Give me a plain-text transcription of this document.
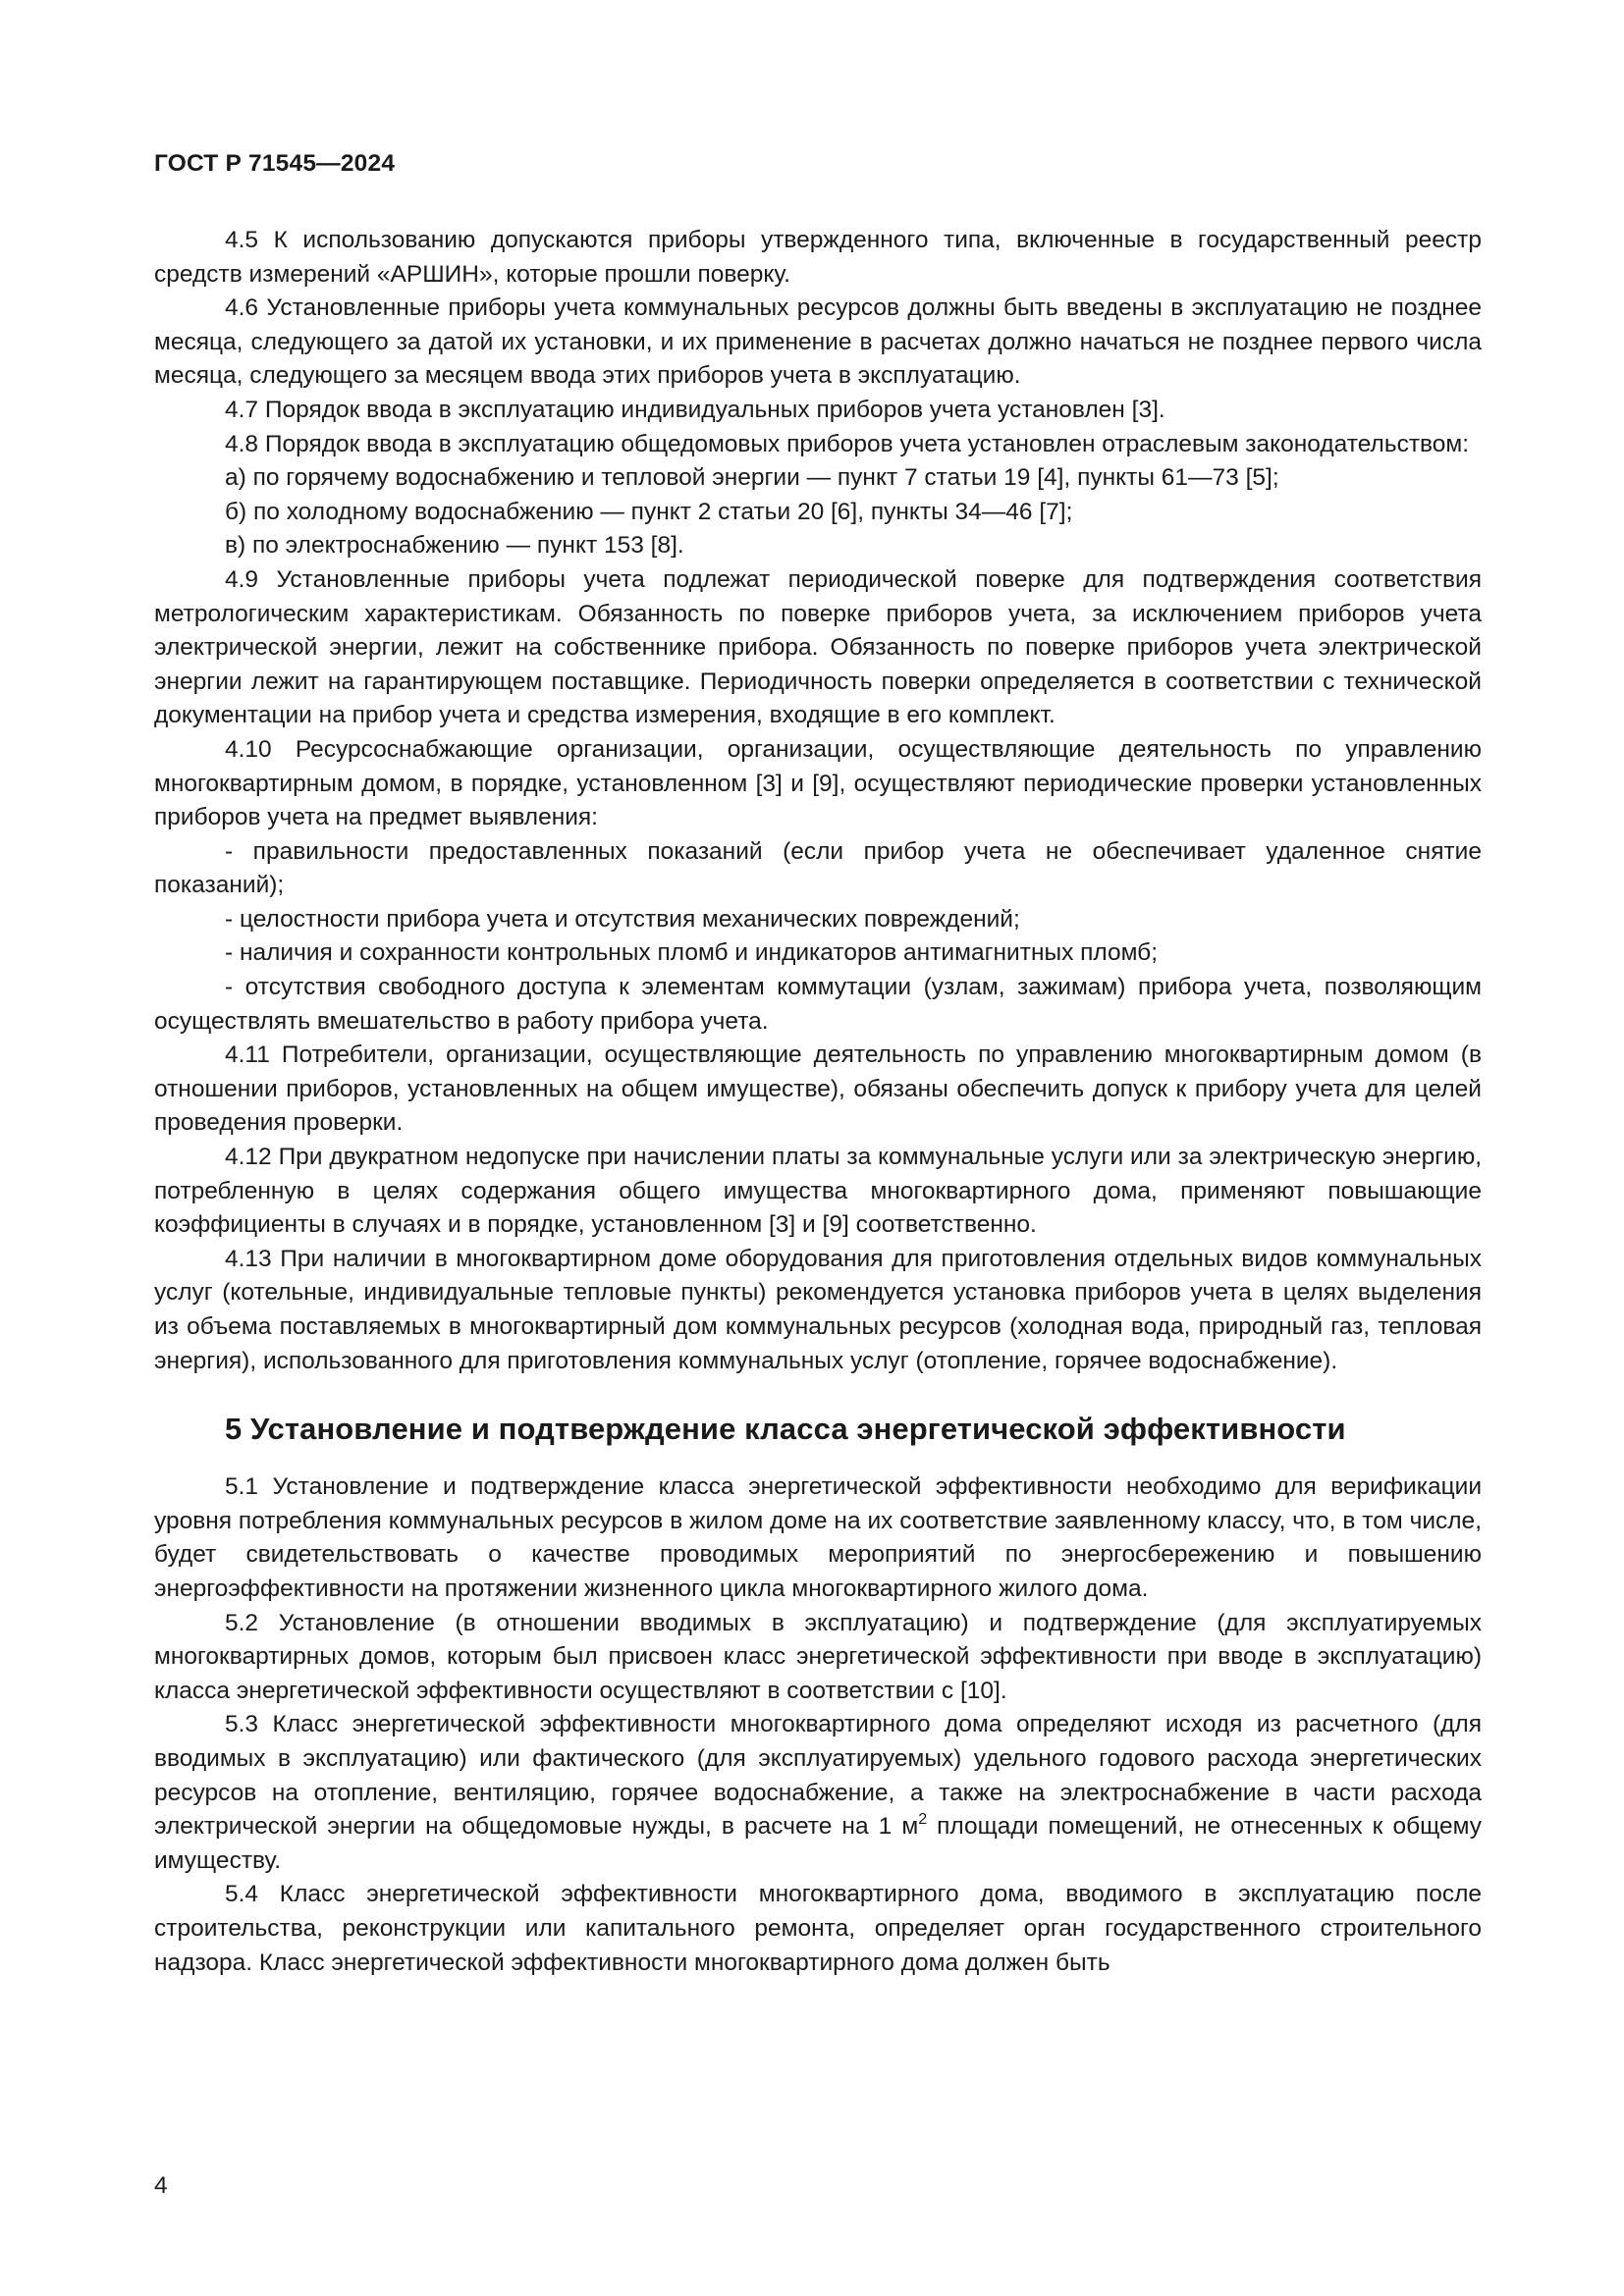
ГОСТ Р 71545—2024

4.5 К использованию допускаются приборы утвержденного типа, включенные в государственный реестр средств измерений «АРШИН», которые прошли поверку.

4.6 Установленные приборы учета коммунальных ресурсов должны быть введены в эксплуатацию не позднее месяца, следующего за датой их установки, и их применение в расчетах должно начаться не позднее первого числа месяца, следующего за месяцем ввода этих приборов учета в эксплуатацию.

4.7 Порядок ввода в эксплуатацию индивидуальных приборов учета установлен [3].

4.8 Порядок ввода в эксплуатацию общедомовых приборов учета установлен отраслевым законодательством:

а) по горячему водоснабжению и тепловой энергии — пункт 7 статьи 19 [4], пункты 61—73 [5];

б) по холодному водоснабжению — пункт 2 статьи 20 [6], пункты 34—46 [7];

в) по электроснабжению — пункт 153 [8].

4.9 Установленные приборы учета подлежат периодической поверке для подтверждения соответствия метрологическим характеристикам. Обязанность по поверке приборов учета, за исключением приборов учета электрической энергии, лежит на собственнике прибора. Обязанность по поверке приборов учета электрической энергии лежит на гарантирующем поставщике. Периодичность поверки определяется в соответствии с технической документации на прибор учета и средства измерения, входящие в его комплект.

4.10 Ресурсоснабжающие организации, организации, осуществляющие деятельность по управлению многоквартирным домом, в порядке, установленном [3] и [9], осуществляют периодические проверки установленных приборов учета на предмет выявления:

- правильности предоставленных показаний (если прибор учета не обеспечивает удаленное снятие показаний);

- целостности прибора учета и отсутствия механических повреждений;

- наличия и сохранности контрольных пломб и индикаторов антимагнитных пломб;

- отсутствия свободного доступа к элементам коммутации (узлам, зажимам) прибора учета, позволяющим осуществлять вмешательство в работу прибора учета.

4.11 Потребители, организации, осуществляющие деятельность по управлению многоквартирным домом (в отношении приборов, установленных на общем имуществе), обязаны обеспечить допуск к прибору учета для целей проведения проверки.

4.12 При двукратном недопуске при начислении платы за коммунальные услуги или за электрическую энергию, потребленную в целях содержания общего имущества многоквартирного дома, применяют повышающие коэффициенты в случаях и в порядке, установленном [3] и [9] соответственно.

4.13 При наличии в многоквартирном доме оборудования для приготовления отдельных видов коммунальных услуг (котельные, индивидуальные тепловые пункты) рекомендуется установка приборов учета в целях выделения из объема поставляемых в многоквартирный дом коммунальных ресурсов (холодная вода, природный газ, тепловая энергия), использованного для приготовления коммунальных услуг (отопление, горячее водоснабжение).

5 Установление и подтверждение класса энергетической эффективности

5.1 Установление и подтверждение класса энергетической эффективности необходимо для верификации уровня потребления коммунальных ресурсов в жилом доме на их соответствие заявленному классу, что, в том числе, будет свидетельствовать о качестве проводимых мероприятий по энергосбережению и повышению энергоэффективности на протяжении жизненного цикла многоквартирного жилого дома.

5.2 Установление (в отношении вводимых в эксплуатацию) и подтверждение (для эксплуатируемых многоквартирных домов, которым был присвоен класс энергетической эффективности при вводе в эксплуатацию) класса энергетической эффективности осуществляют в соответствии с [10].

5.3 Класс энергетической эффективности многоквартирного дома определяют исходя из расчетного (для вводимых в эксплуатацию) или фактического (для эксплуатируемых) удельного годового расхода энергетических ресурсов на отопление, вентиляцию, горячее водоснабжение, а также на электроснабжение в части расхода электрической энергии на общедомовые нужды, в расчете на 1 $м^2$ площади помещений, не отнесенных к общему имуществу.

5.4 Класс энергетической эффективности многоквартирного дома, вводимого в эксплуатацию после строительства, реконструкции или капитального ремонта, определяет орган государственного строительного надзора. Класс энергетической эффективности многоквартирного дома должен быть

4
